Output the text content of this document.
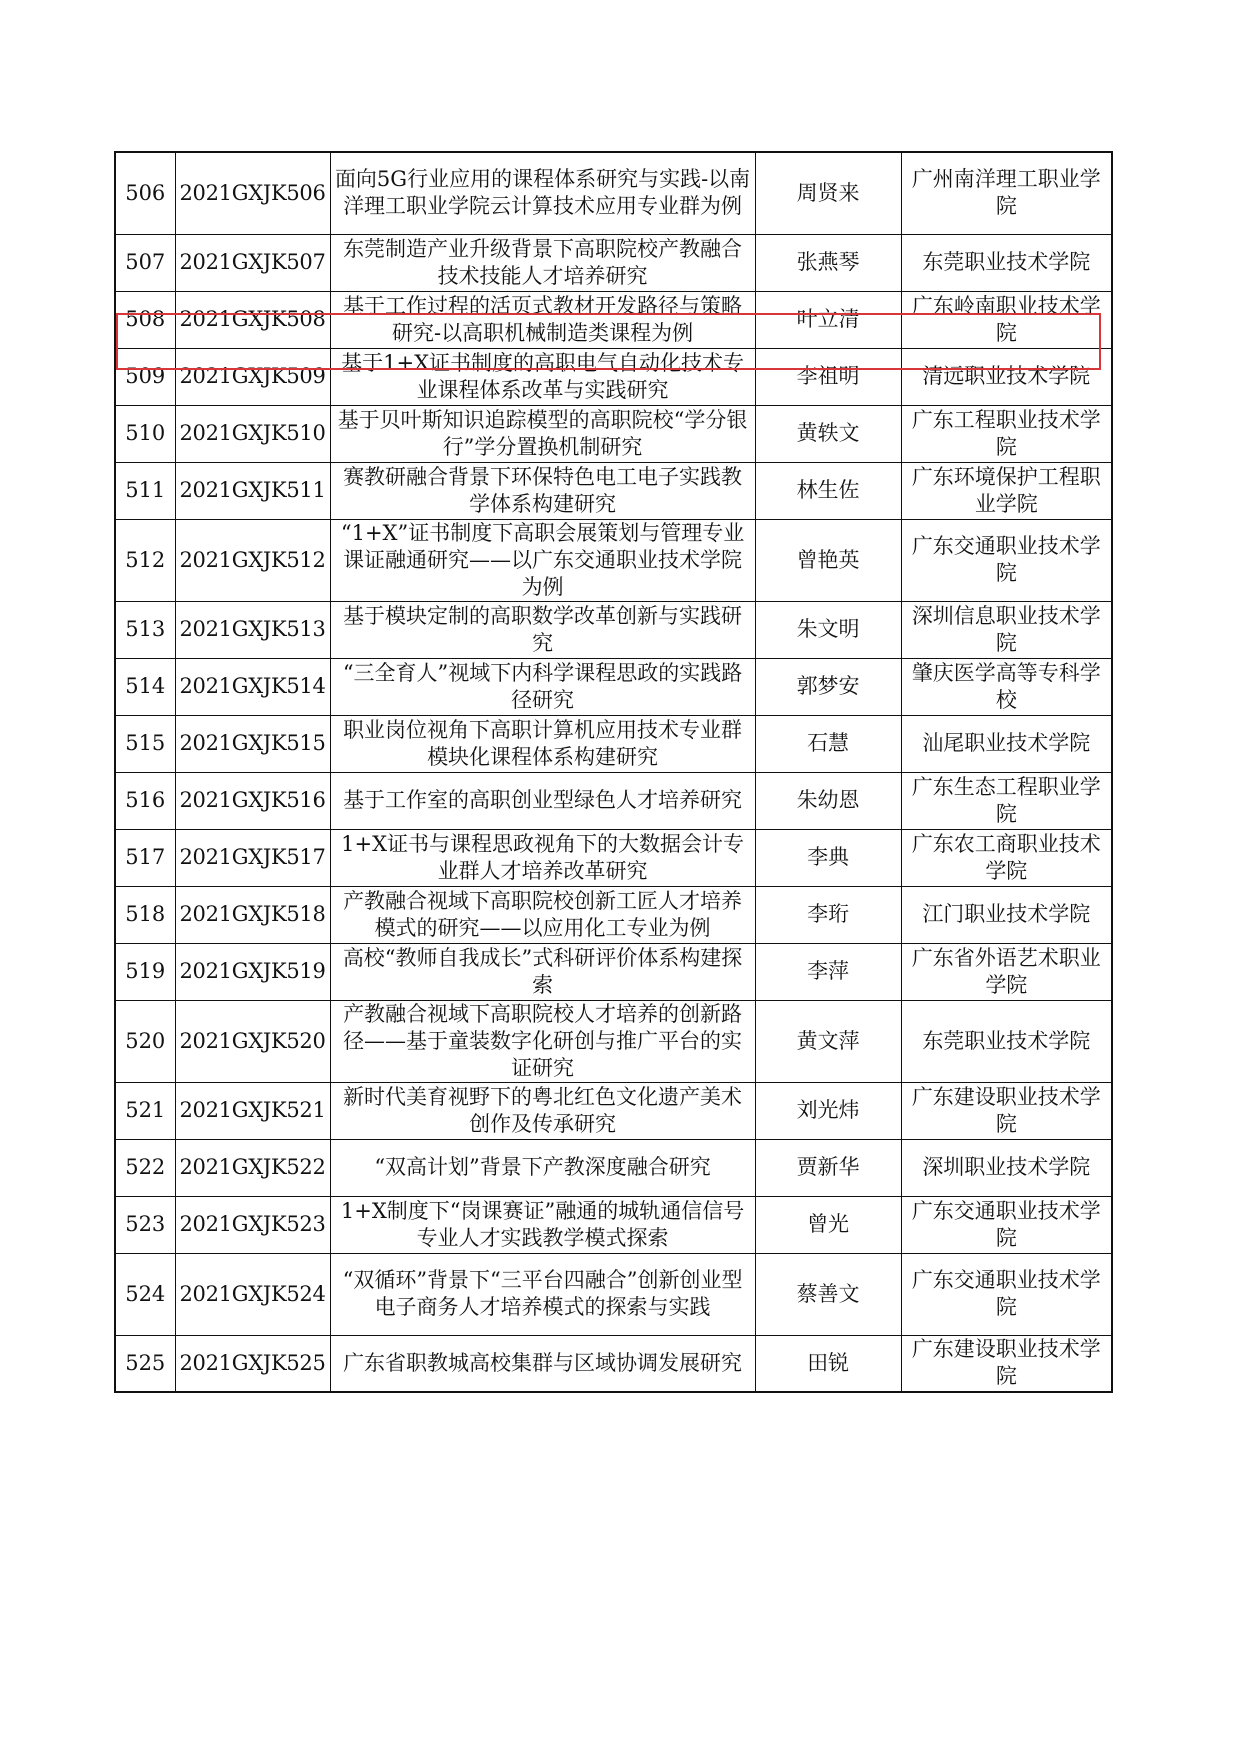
506	2021GXJK506	面向5G行业应用的课程体系研究与实践-以南洋理工职业学院云计算技术应用专业群为例	周贤来	广州南洋理工职业学院
507	2021GXJK507	东莞制造产业升级背景下高职院校产教融合技术技能人才培养研究	张燕琴	东莞职业技术学院
508	2021GXJK508	基于工作过程的活页式教材开发路径与策略研究-以高职机械制造类课程为例	叶立清	广东岭南职业技术学院
509	2021GXJK509	基于1+X证书制度的高职电气自动化技术专业课程体系改革与实践研究	李祖明	清远职业技术学院
510	2021GXJK510	基于贝叶斯知识追踪模型的高职院校“学分银行”学分置换机制研究	黄轶文	广东工程职业技术学院
511	2021GXJK511	赛教研融合背景下环保特色电工电子实践教学体系构建研究	林生佐	广东环境保护工程职业学院
512	2021GXJK512	“1+X”证书制度下高职会展策划与管理专业课证融通研究——以广东交通职业技术学院为例	曾艳英	广东交通职业技术学院
513	2021GXJK513	基于模块定制的高职数学改革创新与实践研究	朱文明	深圳信息职业技术学院
514	2021GXJK514	“三全育人”视域下内科学课程思政的实践路径研究	郭梦安	肇庆医学高等专科学校
515	2021GXJK515	职业岗位视角下高职计算机应用技术专业群模块化课程体系构建研究	石慧	汕尾职业技术学院
516	2021GXJK516	基于工作室的高职创业型绿色人才培养研究	朱幼恩	广东生态工程职业学院
517	2021GXJK517	1+X证书与课程思政视角下的大数据会计专业群人才培养改革研究	李典	广东农工商职业技术学院
518	2021GXJK518	产教融合视域下高职院校创新工匠人才培养模式的研究——以应用化工专业为例	李珩	江门职业技术学院
519	2021GXJK519	高校“教师自我成长”式科研评价体系构建探索	李萍	广东省外语艺术职业学院
520	2021GXJK520	产教融合视域下高职院校人才培养的创新路径——基于童装数字化研创与推广平台的实证研究	黄文萍	东莞职业技术学院
521	2021GXJK521	新时代美育视野下的粤北红色文化遗产美术创作及传承研究	刘光炜	广东建设职业技术学院
522	2021GXJK522	“双高计划”背景下产教深度融合研究	贾新华	深圳职业技术学院
523	2021GXJK523	1+X制度下“岗课赛证”融通的城轨通信信号专业人才实践教学模式探索	曾光	广东交通职业技术学院
524	2021GXJK524	“双循环”背景下“三平台四融合”创新创业型电子商务人才培养模式的探索与实践	蔡善文	广东交通职业技术学院
525	2021GXJK525	广东省职教城高校集群与区域协调发展研究	田锐	广东建设职业技术学院
